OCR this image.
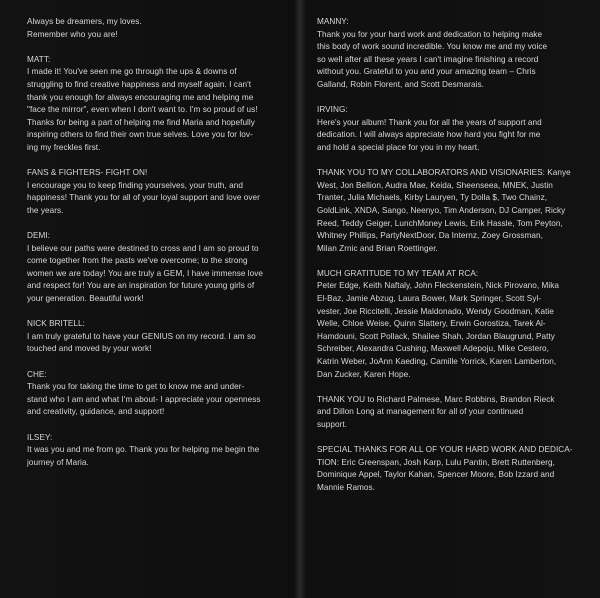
Always be dreamers, my loves.

Remember who you are!

MATT:

I made it! You've seen me go through the ups & downs of

struggling to find creative happiness and myself again. I can't

thank you enough for always encouraging me and helping me

"face the mirror", even when I don't want to. I'm so proud of us!

Thanks for being a part of helping me find Maria and hopefully

inspiring others to find their own true selves. Love you for lov-

ing my freckles first.

FANS & FIGHTERS- FIGHT ON!

I encourage you to keep finding yourselves, your truth, and

happiness! Thank you for all of your loyal support and love over

the years.

DEMI:

I believe our paths were destined to cross and I am so proud to

come together from the pasts we've overcome; to the strong

women we are today! You are truly a GEM, I have immense love

and respect for! You are an inspiration for future young girls of

your generation. Beautiful work!

NICK BRITELL:

I am truly grateful to have your GENIUS on my record. I am so

touched and moved by your work!

CHE:

Thank you for taking the time to get to know me and under-

stand who I am and what I'm about- I appreciate your openness

and creativity, guidance, and support!

ILSEY:

It was you and me from go. Thank you for helping me begin the

journey of Maria.

MANNY:

Thank you for your hard work and dedication to helping make

this body of work sound incredible. You know me and my voice

so well after all these years I can't imagine finishing a record

without you. Grateful to you and your amazing team – Chris

Galland, Robin Florent, and Scott Desmarais.

IRVING:

Here's your album! Thank you for all the years of support and

dedication. I will always appreciate how hard you fight for me

and hold a special place for you in my heart.

THANK YOU TO MY COLLABORATORS AND VISIONARIES: Kanye

West, Jon Bellion, Audra Mae, Keida, Sheenseea, MNEK, Justin

Tranter, Julia Michaels, Kirby Lauryen, Ty Dolla $, Two Chainz,

GoldLink, XNDA, Sango, Neenyo, Tim Anderson, DJ Camper, Ricky

Reed, Teddy Geiger, LunchMoney Lewis, Erik Hassle, Tom Peyton,

Whitney Phillips, PartyNextDoor, Da Internz, Zoey Grossman,

Milan Zrnic and Brian Roettinger.

MUCH GRATITUDE TO MY TEAM AT RCA:

Peter Edge, Keith Naftaly, John Fleckenstein, Nick Pirovano, Mika

El-Baz, Jamie Abzug, Laura Bower, Mark Springer, Scott Syl-

vester, Joe Riccitelli, Jessie Maldonado, Wendy Goodman, Katie

Welle, Chloe Weise, Quinn Slattery, Erwin Gorostiza, Tarek Al-

Hamdouni, Scott Pollack, Shailee Shah, Jordan Blaugrund, Patty

Schreiber, Alexandra Cushing, Maxwell Adepoju, Mike Cestero,

Katrin Weber, JoAnn Kaeding, Camille Yorrick, Karen Lamberton,

Dan Zucker, Karen Hope.

THANK YOU to Richard Palmese, Marc Robbins, Brandon Rieck

and Dillon Long at management for all of your continued

support.

SPECIAL THANKS FOR ALL OF YOUR HARD WORK AND DEDICA-

TION: Eric Greenspan, Josh Karp, Lulu Pantin, Brett Ruttenberg,

Dominique Appel, Taylor Kahan, Spencer Moore, Bob Izzard and

Mannie Ramos.
